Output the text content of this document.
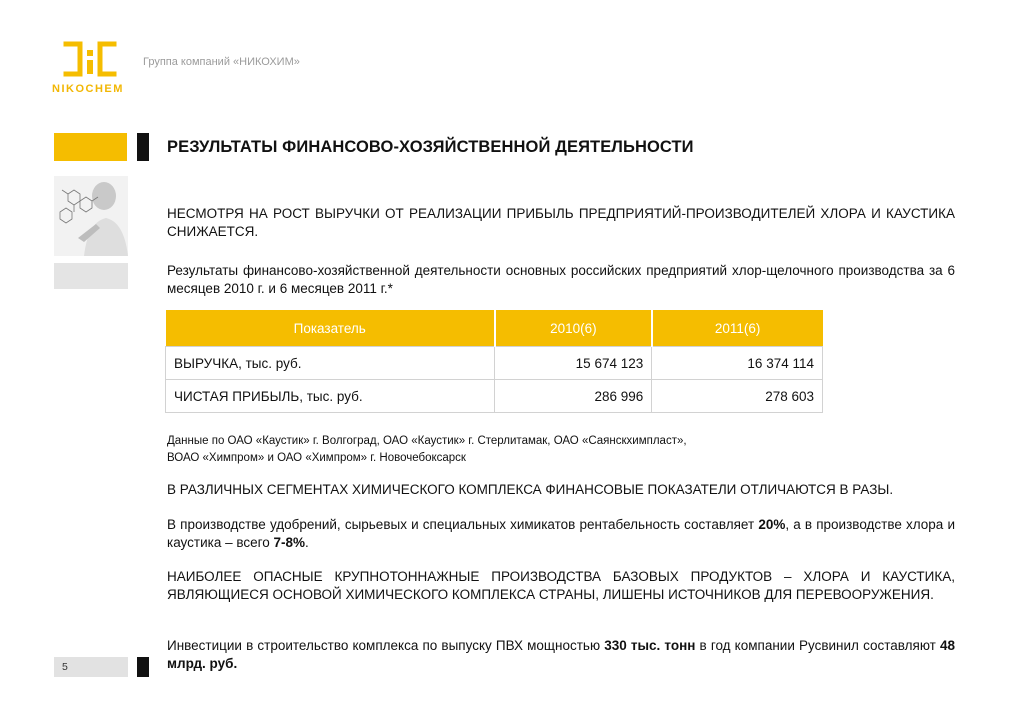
NIKOCHEM
Группа компаний «НИКОХИМ»
РЕЗУЛЬТАТЫ ФИНАНСОВО-ХОЗЯЙСТВЕННОЙ ДЕЯТЕЛЬНОСТИ
НЕСМОТРЯ НА РОСТ ВЫРУЧКИ ОТ РЕАЛИЗАЦИИ ПРИБЫЛЬ ПРЕДПРИЯТИЙ-ПРОИЗВОДИТЕЛЕЙ ХЛОРА И КАУСТИКА СНИЖАЕТСЯ.
Результаты финансово-хозяйственной деятельности основных российских предприятий хлор-щелочного производства за 6 месяцев 2010 г. и 6 месяцев 2011 г.*
Показатель	2010(6)	2011(6)
ВЫРУЧКА, тыс. руб.	15 674 123	16 374 114
ЧИСТАЯ ПРИБЫЛЬ, тыс. руб.	286 996	278 603
Данные по ОАО «Каустик» г. Волгоград, ОАО «Каустик» г. Стерлитамак, ОАО «Саянскхимпласт»,
ВОАО «Химпром» и ОАО «Химпром» г. Новочебоксарск
В РАЗЛИЧНЫХ СЕГМЕНТАХ ХИМИЧЕСКОГО КОМПЛЕКСА ФИНАНСОВЫЕ ПОКАЗАТЕЛИ ОТЛИЧАЮТСЯ В РАЗЫ.
В производстве удобрений, сырьевых и специальных химикатов рентабельность составляет 20%, а в производстве хлора и каустика – всего 7-8%.
НАИБОЛЕЕ ОПАСНЫЕ КРУПНОТОННАЖНЫЕ ПРОИЗВОДСТВА БАЗОВЫХ ПРОДУКТОВ – ХЛОРА И КАУСТИКА, ЯВЛЯЮЩИЕСЯ ОСНОВОЙ ХИМИЧЕСКОГО КОМПЛЕКСА СТРАНЫ, ЛИШЕНЫ ИСТОЧНИКОВ ДЛЯ ПЕРЕВООРУЖЕНИЯ.
Инвестиции в строительство комплекса по выпуску ПВХ мощностью 330 тыс. тонн в год компании Русвинил составляют 48 млрд. руб.
5
